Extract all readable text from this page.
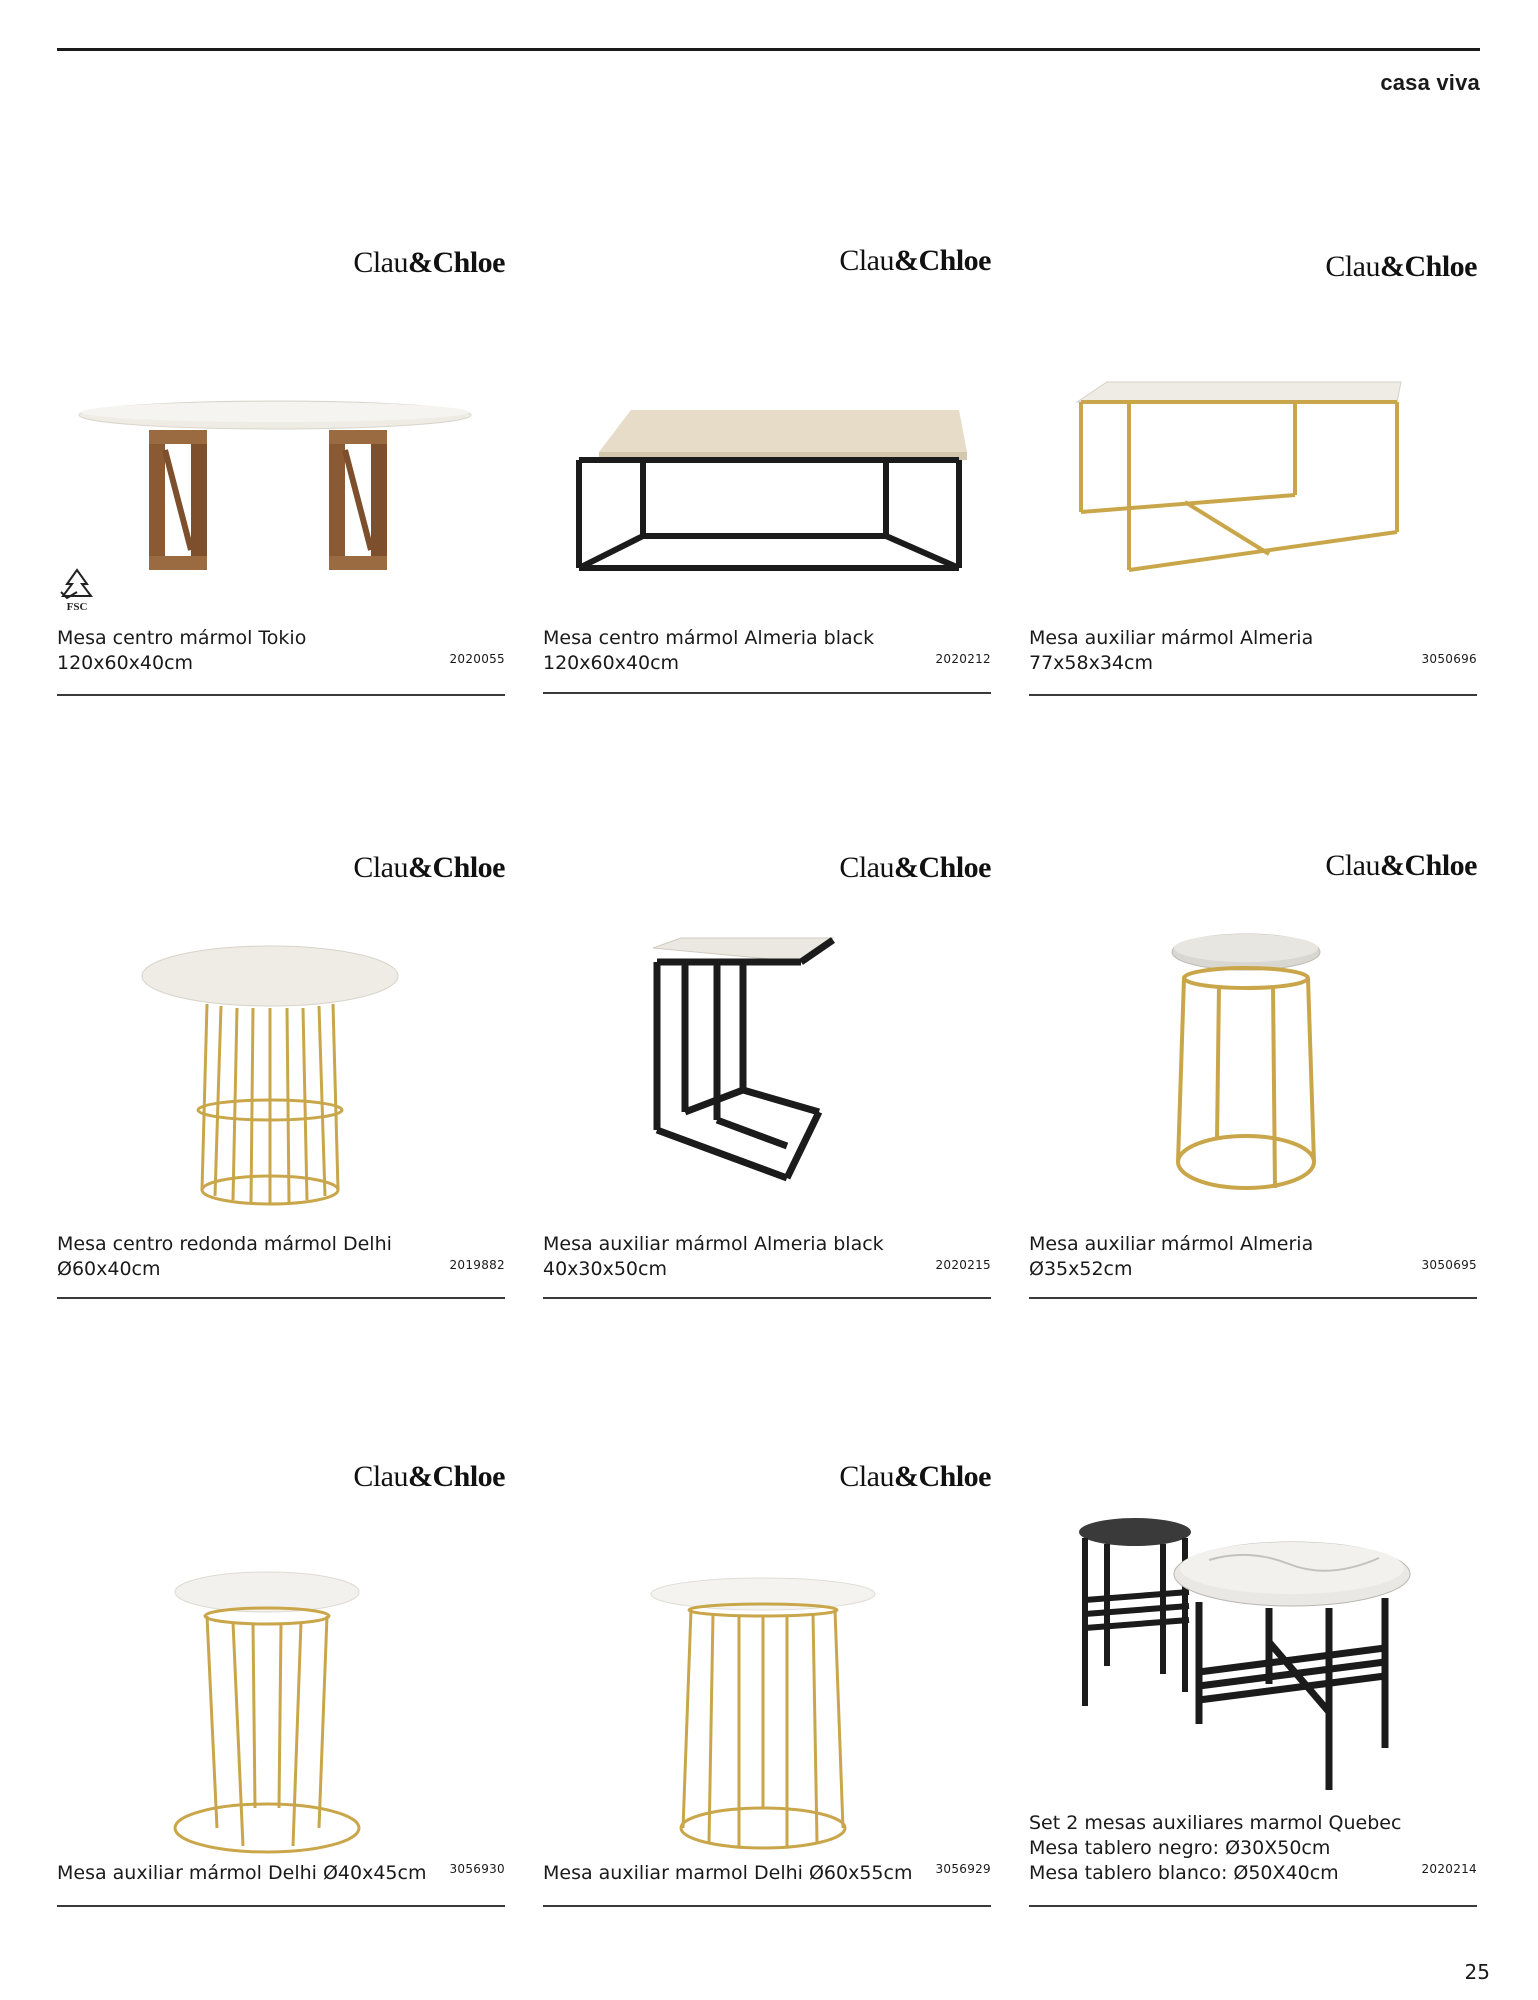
casa viva
Clau&Chloe
FSC
Mesa centro mármol Tokio
120x60x40cm	2020055
Clau&Chloe
Mesa centro mármol Almeria black
120x60x40cm	2020212
Clau&Chloe
Mesa auxiliar mármol Almeria
77x58x34cm	3050696
Clau&Chloe
Mesa centro redonda mármol Delhi
Ø60x40cm	2019882
Clau&Chloe
Mesa auxiliar mármol Almeria black
40x30x50cm	2020215
Clau&Chloe
Mesa auxiliar mármol Almeria
Ø35x52cm	3050695
Clau&Chloe
Mesa auxiliar mármol Delhi Ø40x45cm 3056930
Clau&Chloe
Mesa auxiliar marmol Delhi Ø60x55cm 3056929
Set 2 mesas auxiliares marmol Quebec
Mesa tablero negro: Ø30X50cm
Mesa tablero blanco: Ø50X40cm	2020214
25
